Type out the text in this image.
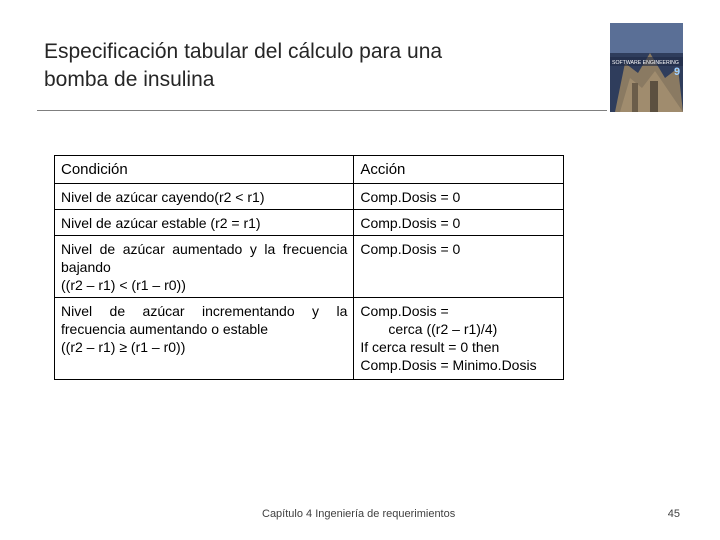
Especificación tabular del cálculo para una
bomba de insulina
SOFTWARE ENGINEERING
9
Condición	Acción

Nivel de azúcar cayendo(r2 < r1)	Comp.Dosis = 0

Nivel de azúcar estable (r2 = r1)	Comp.Dosis = 0

Nivel de azúcar aumentado y la frecuencia bajando
((r2 – r1) < (r1 – r0))	Comp.Dosis = 0

Nivel de azúcar incrementando y la frecuencia aumentando o estable
((r2 – r1) ≥ (r1 – r0))	Comp.Dosis =
cerca ((r2 – r1)/4)
If cerca result = 0 then
Comp.Dosis = Minimo.Dosis
Capítulo 4 Ingeniería de requerimientos	45
